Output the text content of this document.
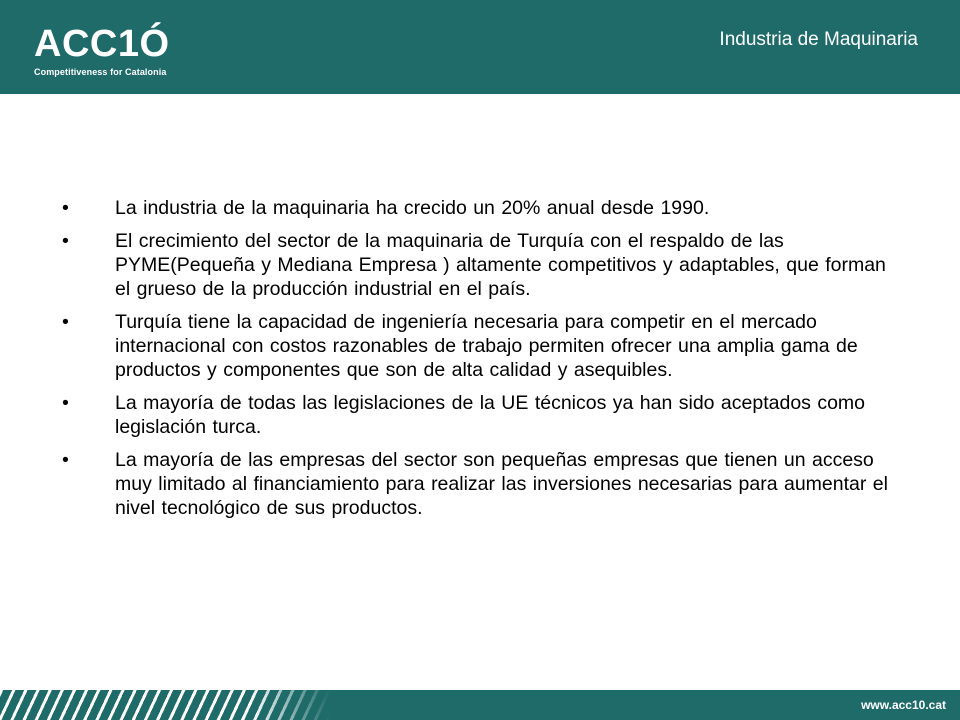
ACC1Ó
Competitiveness for Catalonia
Industria de Maquinaria
• La industria de la maquinaria ha crecido un 20% anual desde 1990.
• El crecimiento del sector de la maquinaria de Turquía con el respaldo de las PYME(Pequeña y Mediana Empresa ) altamente competitivos y adaptables, que forman el grueso de la producción industrial en el país.
• Turquía tiene la capacidad de ingeniería necesaria para competir en el mercado internacional con costos razonables de trabajo permiten ofrecer una amplia gama de productos y componentes que son de alta calidad y asequibles.
• La mayoría de todas las legislaciones de la UE técnicos ya han sido aceptados como legislación turca.
• La mayoría de las empresas del sector son pequeñas empresas que tienen un acceso muy limitado al financiamiento para realizar las inversiones necesarias para aumentar el nivel tecnológico de sus productos.
www.acc10.cat
